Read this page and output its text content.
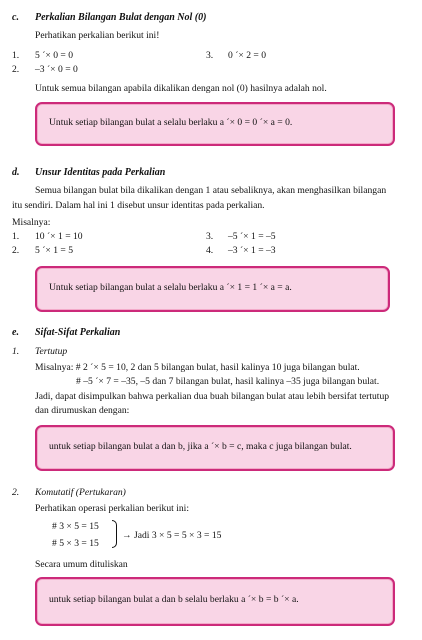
c. Perkalian Bilangan Bulat dengan Nol (0)
Perhatikan perkalian berikut ini!
1. 5 ´× 0 = 0
2. –3 ´× 0 = 0
3. 0 ´× 2 = 0
Untuk semua bilangan apabila dikalikan dengan nol (0) hasilnya adalah nol.
Untuk setiap bilangan bulat a selalu berlaku a ´× 0 = 0 ´× a = 0.
d. Unsur Identitas pada Perkalian
Semua bilangan bulat bila dikalikan dengan 1 atau sebaliknya, akan menghasilkan bilangan
itu sendiri. Dalam hal ini 1 disebut unsur identitas pada perkalian.
Misalnya:
1. 10 ´× 1 = 10
2. 5 ´× 1 = 5
3. –5 ´× 1 = –5
4. –3 ´× 1 = –3
Untuk setiap bilangan bulat a selalu berlaku a ´× 1 = 1 ´× a = a.
e. Sifat-Sifat Perkalian
1. Tertutup
Misalnya: # 2 ´× 5 = 10, 2 dan 5 bilangan bulat, hasil kalinya 10 juga bilangan bulat.
# –5 ´× 7 = –35, –5 dan 7 bilangan bulat, hasil kalinya –35 juga bilangan bulat.
Jadi, dapat disimpulkan bahwa perkalian dua buah bilangan bulat atau lebih bersifat tertutup
dan dirumuskan dengan:
untuk setiap bilangan bulat a dan b, jika a ´× b = c, maka c juga bilangan bulat.
2. Komutatif (Pertukaran)
Perhatikan operasi perkalian berikut ini:
# 3 × 5 = 15
# 5 × 3 = 15
→ Jadi 3 × 5 = 5 × 3 = 15
Secara umum dituliskan
untuk setiap bilangan bulat a dan b selalu berlaku a ´× b = b ´× a.
